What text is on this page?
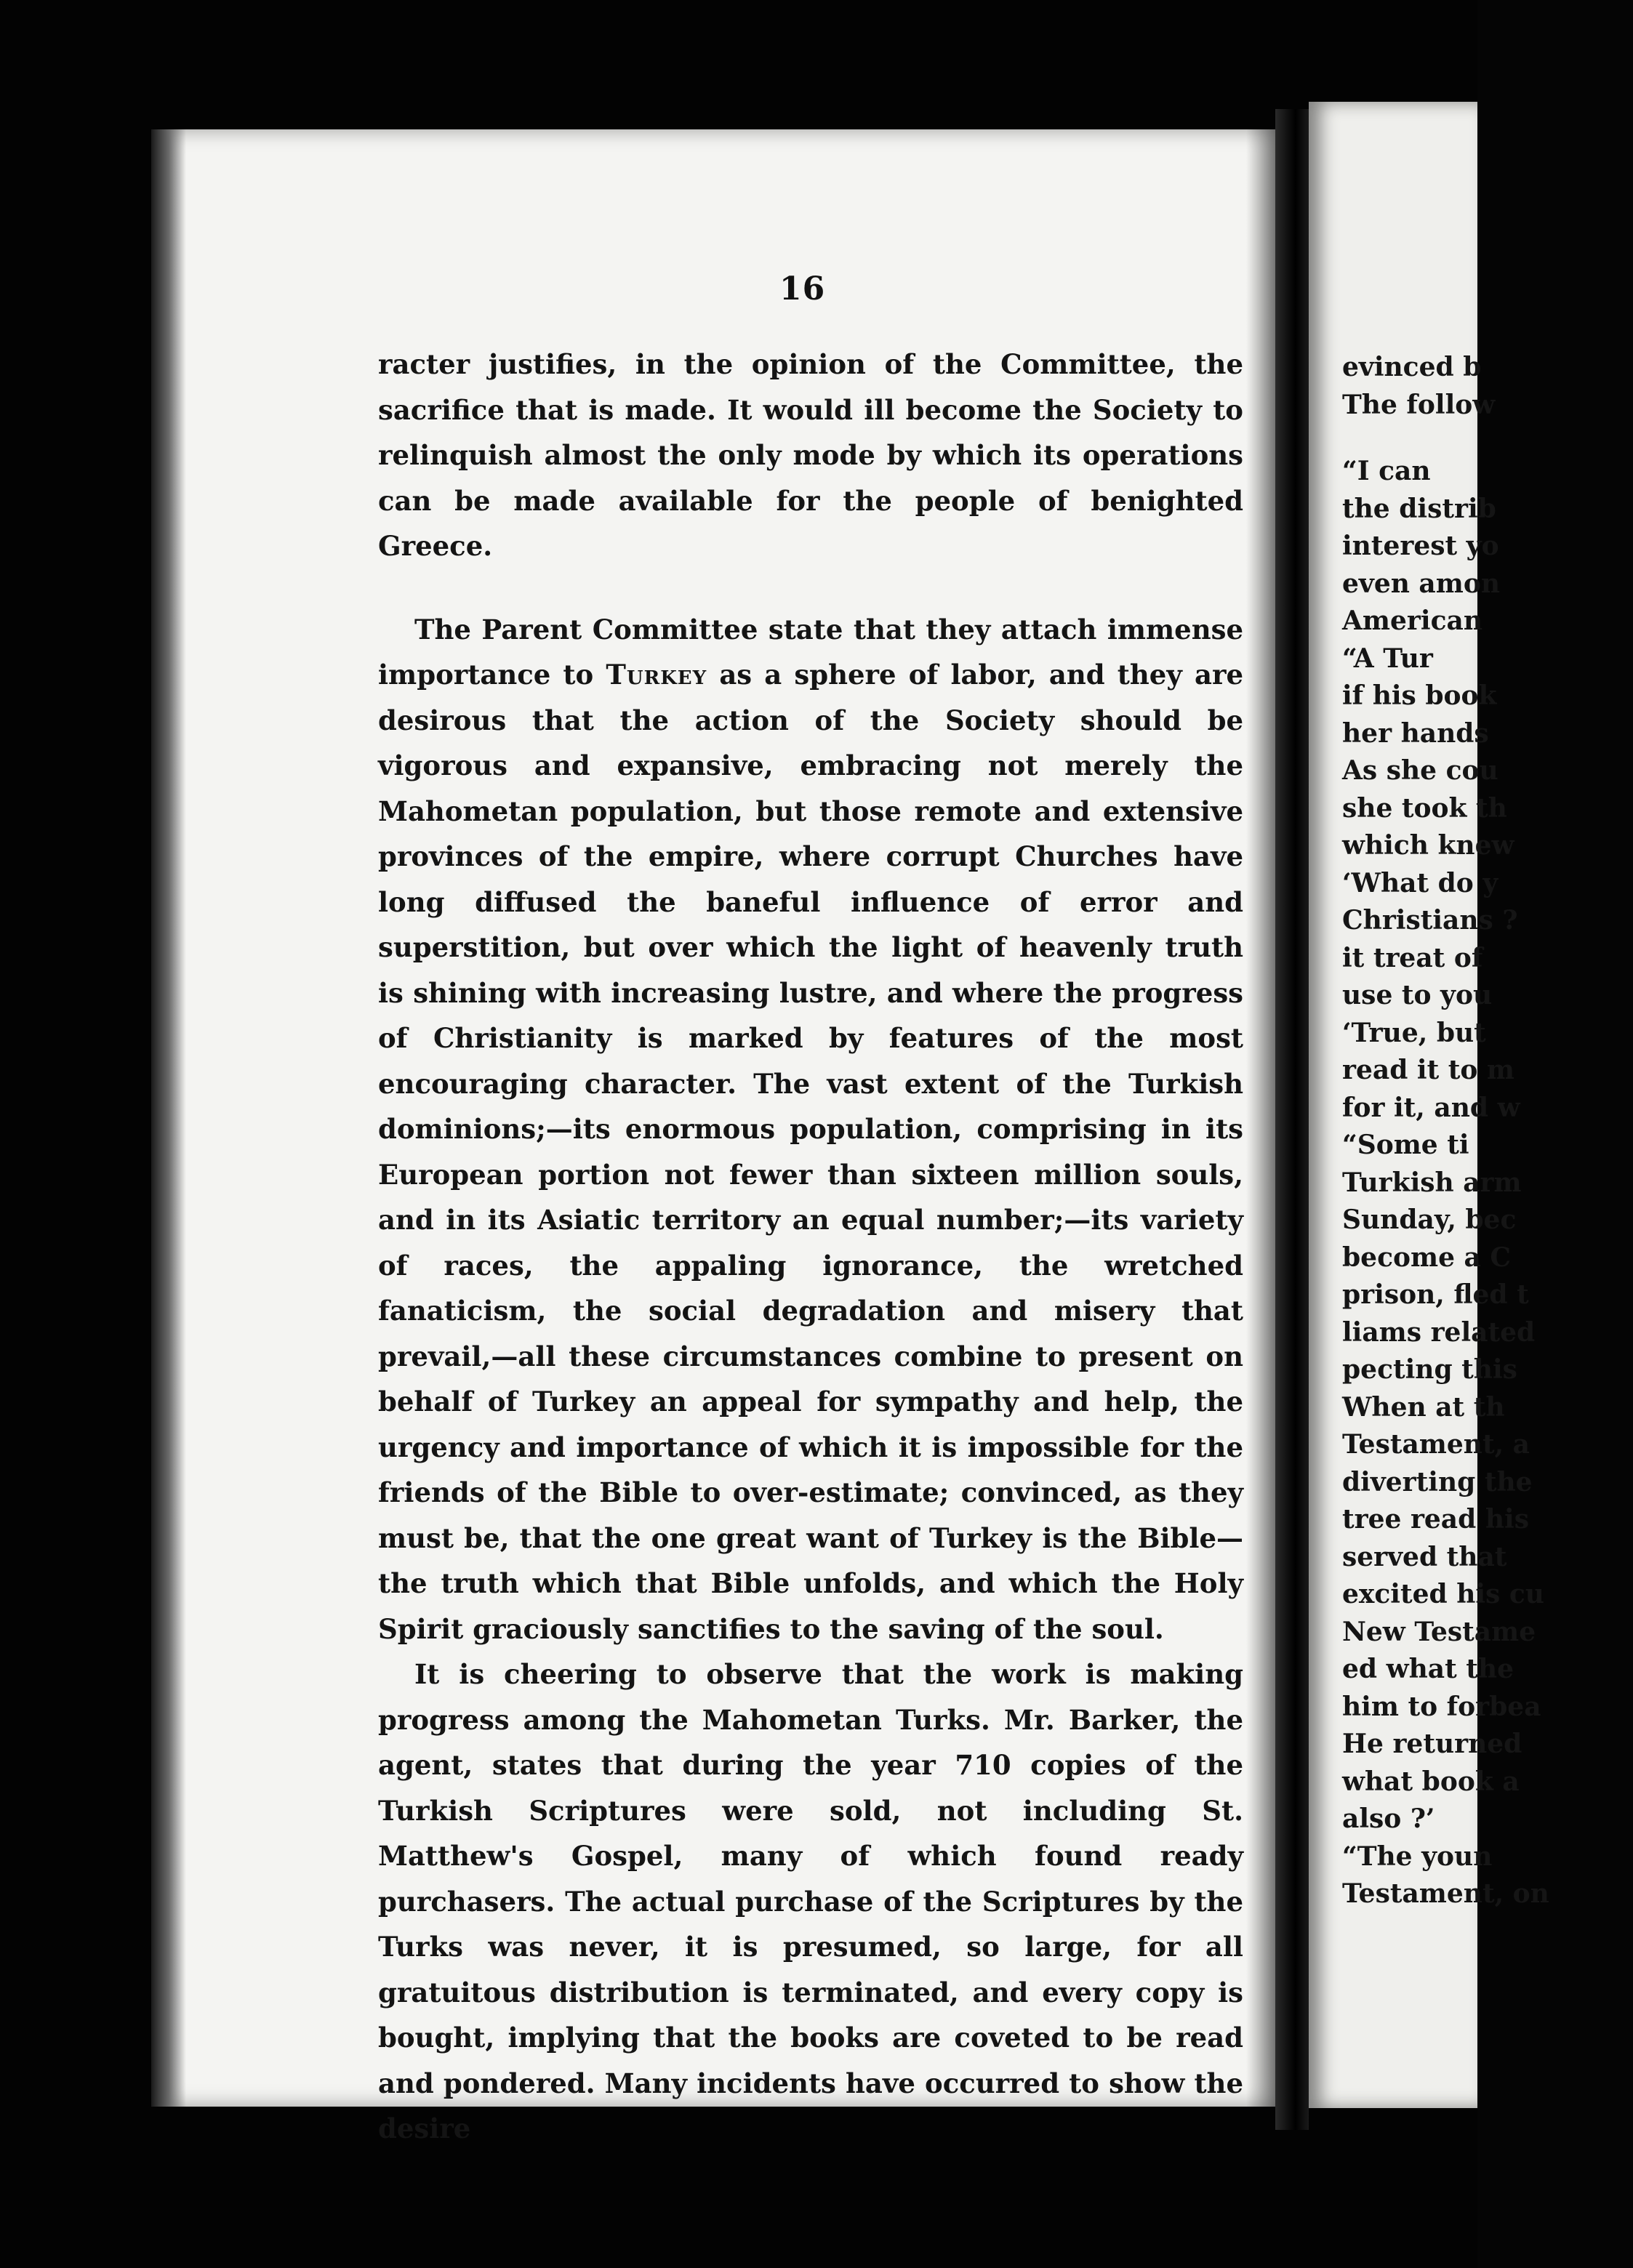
evinced b
The follow
“I can
the distrib
interest yo
even amon
American
“A Tur
if his book
her hands
As she cou
she took th
which knew
‘What do y
Christians ?
it treat of
use to you
‘True, but
read it to m
for it, and w
“Some ti
Turkish arm
Sunday, bec
become a C
prison, fled t
liams related
pecting this
When at th
Testament, a
diverting the
tree read his
served that
excited his cu
New Testame
ed what the
him to forbea
He returned
what book a
also ?’
“The youn
Testament, on
16

racter justifies, in the opinion of the Committee, the sacrifice that is made. It would ill become the Society to relinquish almost the only mode by which its operations can be made available for the people of benighted Greece.

The Parent Committee state that they attach immense importance to Turkey as a sphere of labor, and they are desirous that the action of the Society should be vigorous and expansive, embracing not merely the Mahometan population, but those remote and extensive provinces of the empire, where corrupt Churches have long diffused the baneful influence of error and superstition, but over which the light of heavenly truth is shining with increasing lustre, and where the progress of Christianity is marked by features of the most encouraging character. The vast extent of the Turkish dominions;—its enormous population, comprising in its European portion not fewer than sixteen million souls, and in its Asiatic territory an equal number;—its variety of races, the appaling ignorance, the wretched fanaticism, the social degradation and misery that prevail,—all these circumstances combine to present on behalf of Turkey an appeal for sympathy and help, the urgency and importance of which it is impossible for the friends of the Bible to over-estimate; convinced, as they must be, that the one great want of Turkey is the Bible—the truth which that Bible unfolds, and which the Holy Spirit graciously sanctifies to the saving of the soul.

It is cheering to observe that the work is making progress among the Mahometan Turks. Mr. Barker, the agent, states that during the year 710 copies of the Turkish Scriptures were sold, not including St. Matthew's Gospel, many of which found ready purchasers. The actual purchase of the Scriptures by the Turks was never, it is presumed, so large, for all gratuitous distribution is terminated, and every copy is bought, implying that the books are coveted to be read and pondered. Many incidents have occurred to show the desire
